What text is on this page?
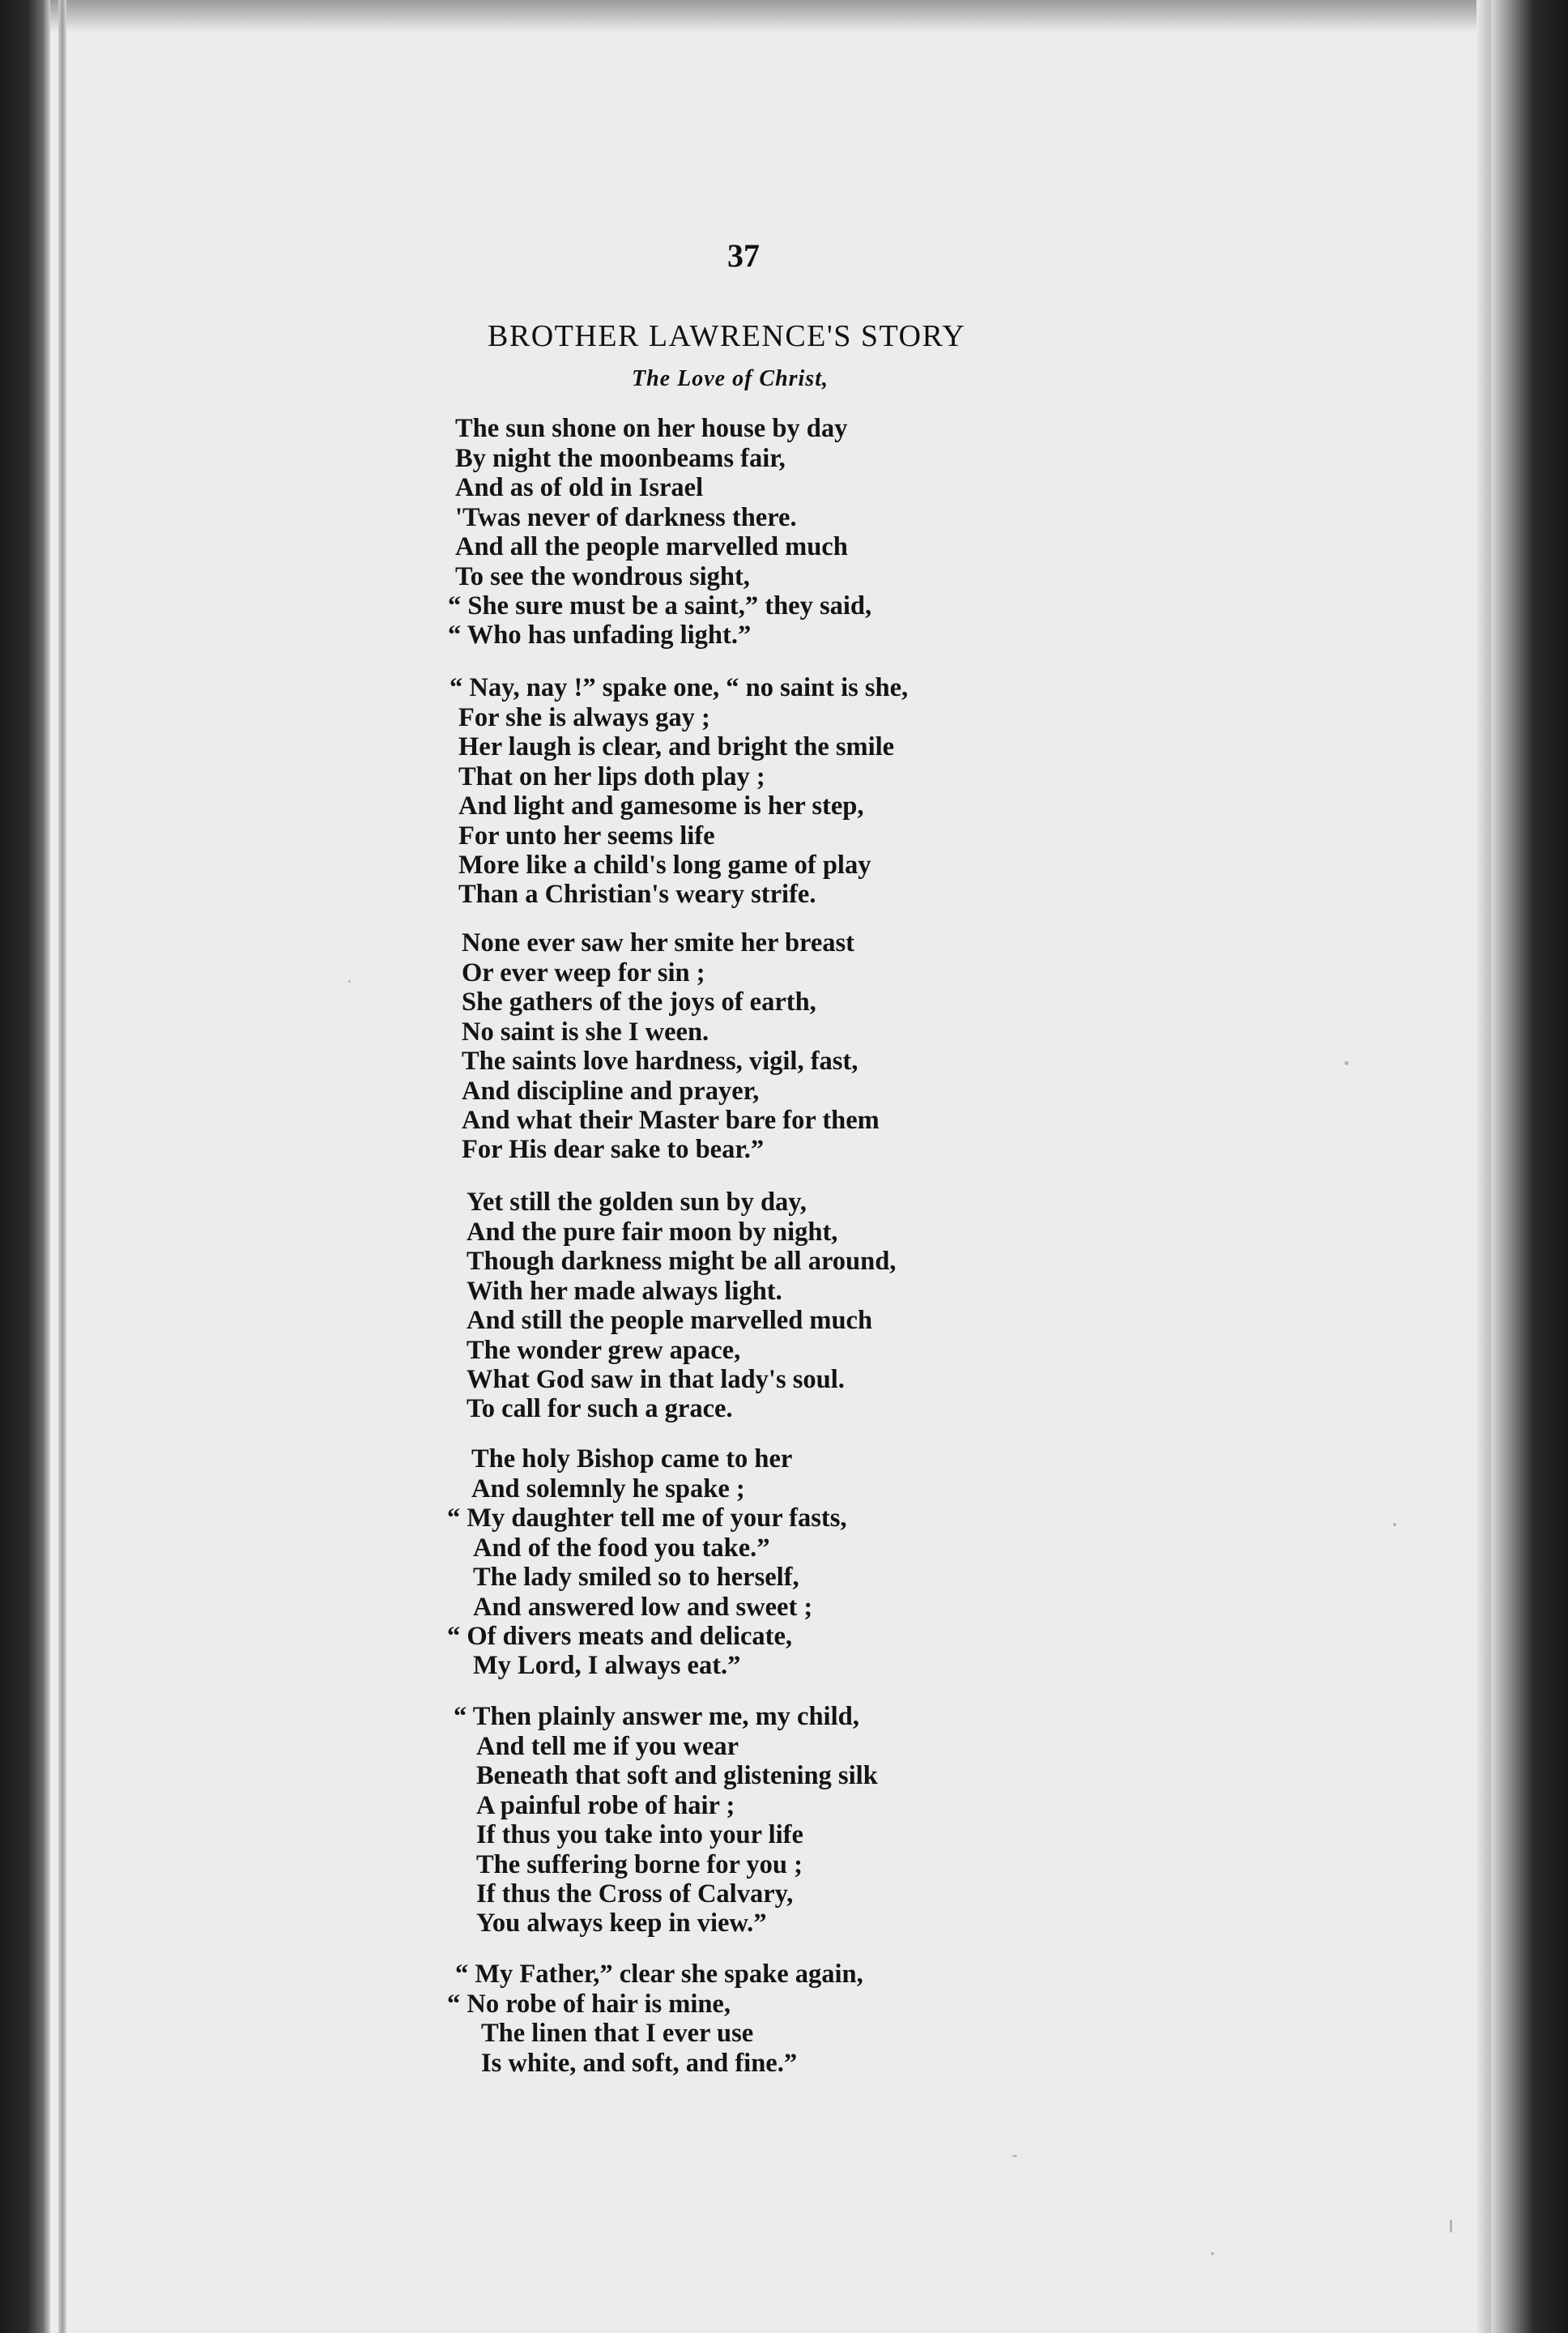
37
BROTHER LAWRENCE'S STORY
The Love of Christ,
The sun shone on her house by day
By night the moonbeams fair,
And as of old in Israel
'Twas never of darkness there.
And all the people marvelled much
To see the wondrous sight,
“ She sure must be a saint,” they said,
“ Who has unfading light.”
“ Nay, nay !” spake one, “ no saint is she,
For she is always gay ;
Her laugh is clear, and bright the smile
That on her lips doth play ;
And light and gamesome is her step,
For unto her seems life
More like a child's long game of play
Than a Christian's weary strife.
None ever saw her smite her breast
Or ever weep for sin ;
She gathers of the joys of earth,
No saint is she I ween.
The saints love hardness, vigil, fast,
And discipline and prayer,
And what their Master bare for them
For His dear sake to bear.”
Yet still the golden sun by day,
And the pure fair moon by night,
Though darkness might be all around,
With her made always light.
And still the people marvelled much
The wonder grew apace,
What God saw in that lady's soul.
To call for such a grace.
The holy Bishop came to her
And solemnly he spake ;
“ My daughter tell me of your fasts,
And of the food you take.”
The lady smiled so to herself,
And answered low and sweet ;
“ Of divers meats and delicate,
My Lord, I always eat.”
“ Then plainly answer me, my child,
And tell me if you wear
Beneath that soft and glistening silk
A painful robe of hair ;
If thus you take into your life
The suffering borne for you ;
If thus the Cross of Calvary,
You always keep in view.”
“ My Father,” clear she spake again,
“ No robe of hair is mine,
The linen that I ever use
Is white, and soft, and fine.”
